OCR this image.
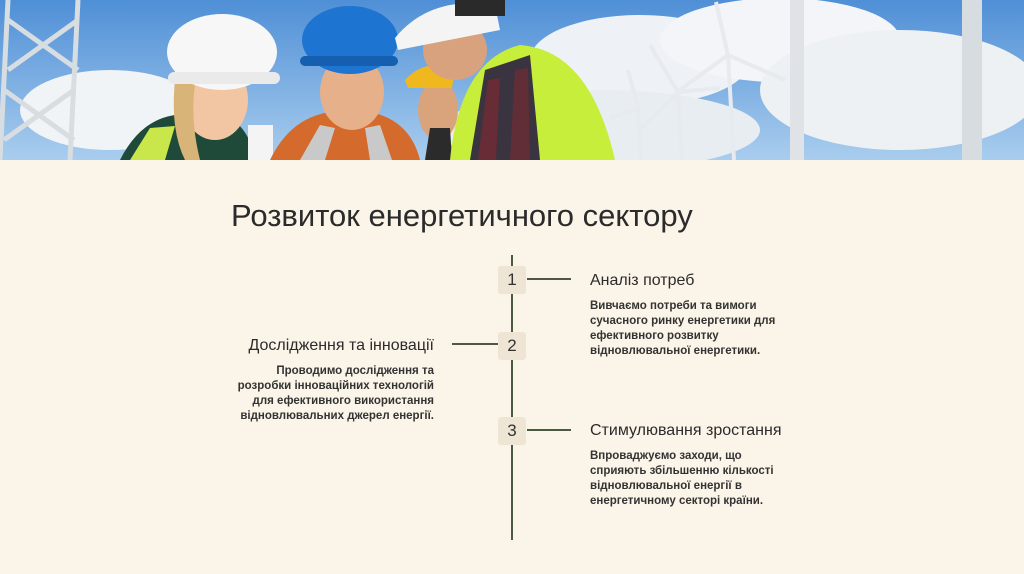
Розвиток енергетичного сектору
1	Аналіз потреб
Вивчаємо потреби та вимоги
сучасного ринку енергетики для
ефективного розвитку
відновлювальної енергетики.
2
Дослідження та інновації
Проводимо дослідження та
розробки інноваційних технологій
для ефективного використання
відновлювальних джерел енергії.
3	Стимулювання зростання
Впроваджуємо заходи, що
сприяють збільшенню кількості
відновлювальної енергії в
енергетичному секторі країни.
